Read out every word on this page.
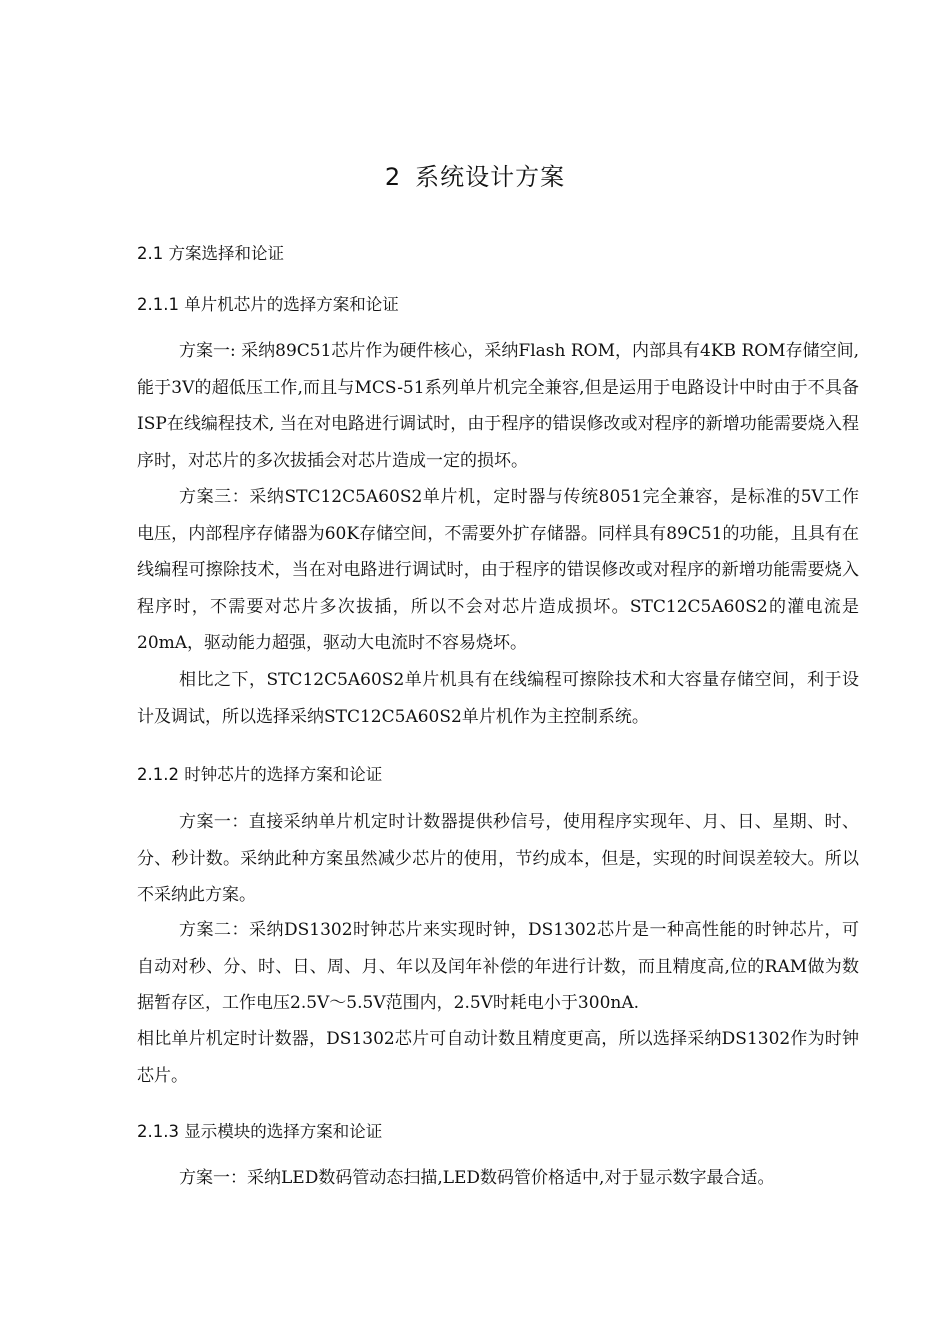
2 系统设计方案
2.1 方案选择和论证
2.1.1 单片机芯片的选择方案和论证

方案一: 采纳89C51芯片作为硬件核心，采纳Flash ROM，内部具有4KB ROM存储空间,能于3V的超低压工作,而且与MCS-51系列单片机完全兼容,但是运用于电路设计中时由于不具备ISP在线编程技术, 当在对电路进行调试时，由于程序的错误修改或对程序的新增功能需要烧入程序时，对芯片的多次拔插会对芯片造成一定的损坏。

方案三：采纳STC12C5A60S2单片机，定时器与传统8051完全兼容，是标准的5V工作电压，内部程序存储器为60K存储空间，不需要外扩存储器。同样具有89C51的功能，且具有在线编程可擦除技术，当在对电路进行调试时，由于程序的错误修改或对程序的新增功能需要烧入程序时，不需要对芯片多次拔插，所以不会对芯片造成损坏。STC12C5A60S2的灌电流是20mA，驱动能力超强，驱动大电流时不容易烧坏。

相比之下，STC12C5A60S2单片机具有在线编程可擦除技术和大容量存储空间，利于设计及调试，所以选择采纳STC12C5A60S2单片机作为主控制系统。

2.1.2 时钟芯片的选择方案和论证

方案一：直接采纳单片机定时计数器提供秒信号，使用程序实现年、月、日、星期、时、分、秒计数。采纳此种方案虽然减少芯片的使用，节约成本，但是，实现的时间误差较大。所以不采纳此方案。

方案二：采纳DS1302时钟芯片来实现时钟，DS1302芯片是一种高性能的时钟芯片，可自动对秒、分、时、日、周、月、年以及闰年补偿的年进行计数，而且精度高,位的RAM做为数据暂存区，工作电压2.5V～5.5V范围内，2.5V时耗电小于300nA.

相比单片机定时计数器，DS1302芯片可自动计数且精度更高，所以选择采纳DS1302作为时钟芯片。

2.1.3 显示模块的选择方案和论证

方案一：采纳LED数码管动态扫描,LED数码管价格适中,对于显示数字最合适。
